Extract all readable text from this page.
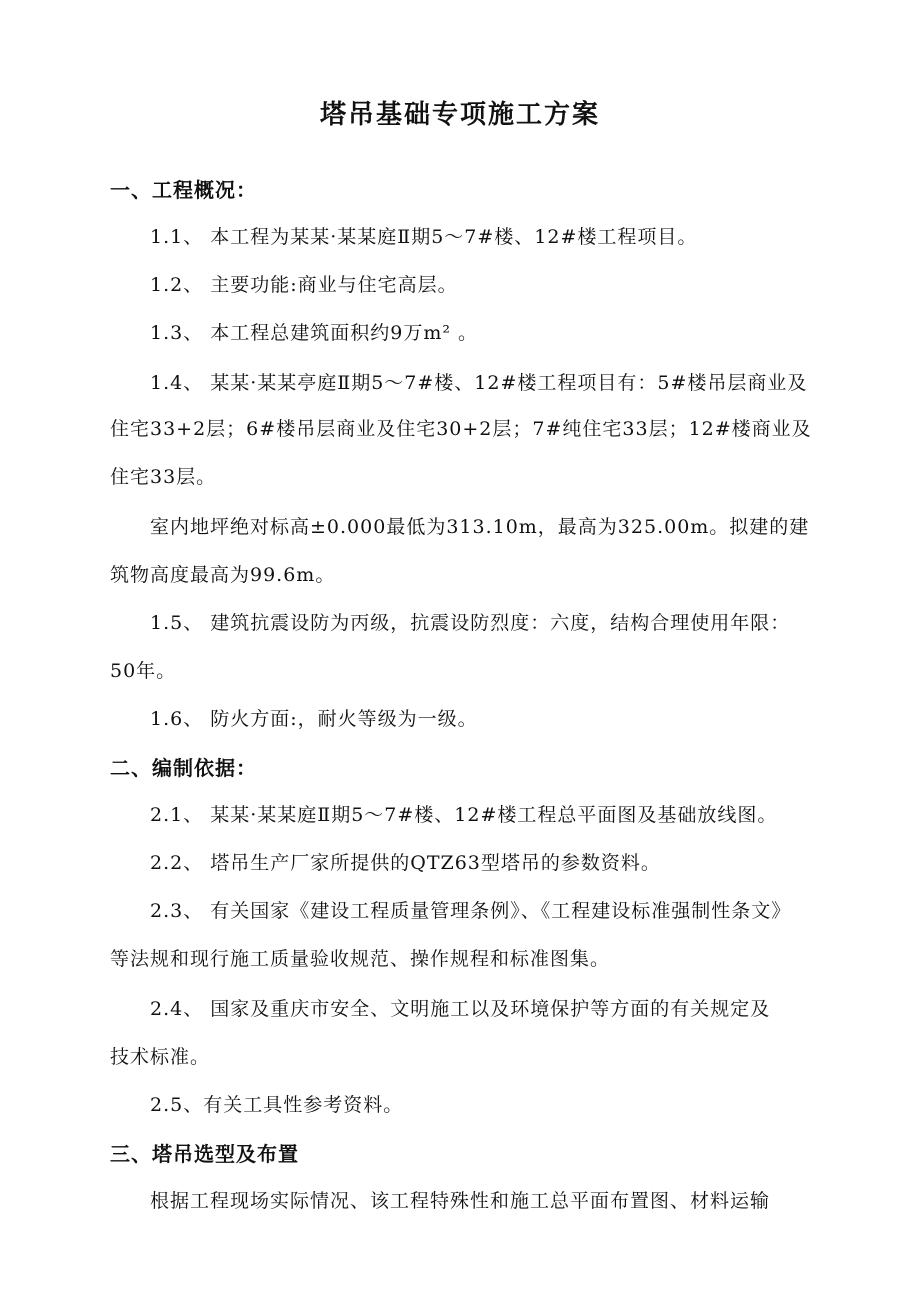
塔吊基础专项施工方案
一、工程概况：
1.1、 本工程为某某·某某庭Ⅱ期5～7#楼、12#楼工程项目。
1.2、 主要功能:商业与住宅高层。
1.3、 本工程总建筑面积约9万m² 。
1.4、 某某·某某亭庭Ⅱ期5～7#楼、12#楼工程项目有：5#楼吊层商业及
住宅33+2层；6#楼吊层商业及住宅30+2层；7#纯住宅33层；12#楼商业及
住宅33层。
室内地坪绝对标高±0.000最低为313.10m，最高为325.00m。拟建的建
筑物高度最高为99.6m。
1.5、 建筑抗震设防为丙级，抗震设防烈度：六度，结构合理使用年限：
50年。
1.6、 防火方面:，耐火等级为一级。
二、编制依据：
2.1、 某某·某某庭Ⅱ期5～7#楼、12#楼工程总平面图及基础放线图。
2.2、 塔吊生产厂家所提供的QTZ63型塔吊的参数资料。
2.3、 有关国家《建设工程质量管理条例》、《工程建设标准强制性条文》
等法规和现行施工质量验收规范、操作规程和标准图集。
2.4、 国家及重庆市安全、文明施工以及环境保护等方面的有关规定及
技术标准。
2.5、有关工具性参考资料。
三、塔吊选型及布置
根据工程现场实际情况、该工程特殊性和施工总平面布置图、材料运输
